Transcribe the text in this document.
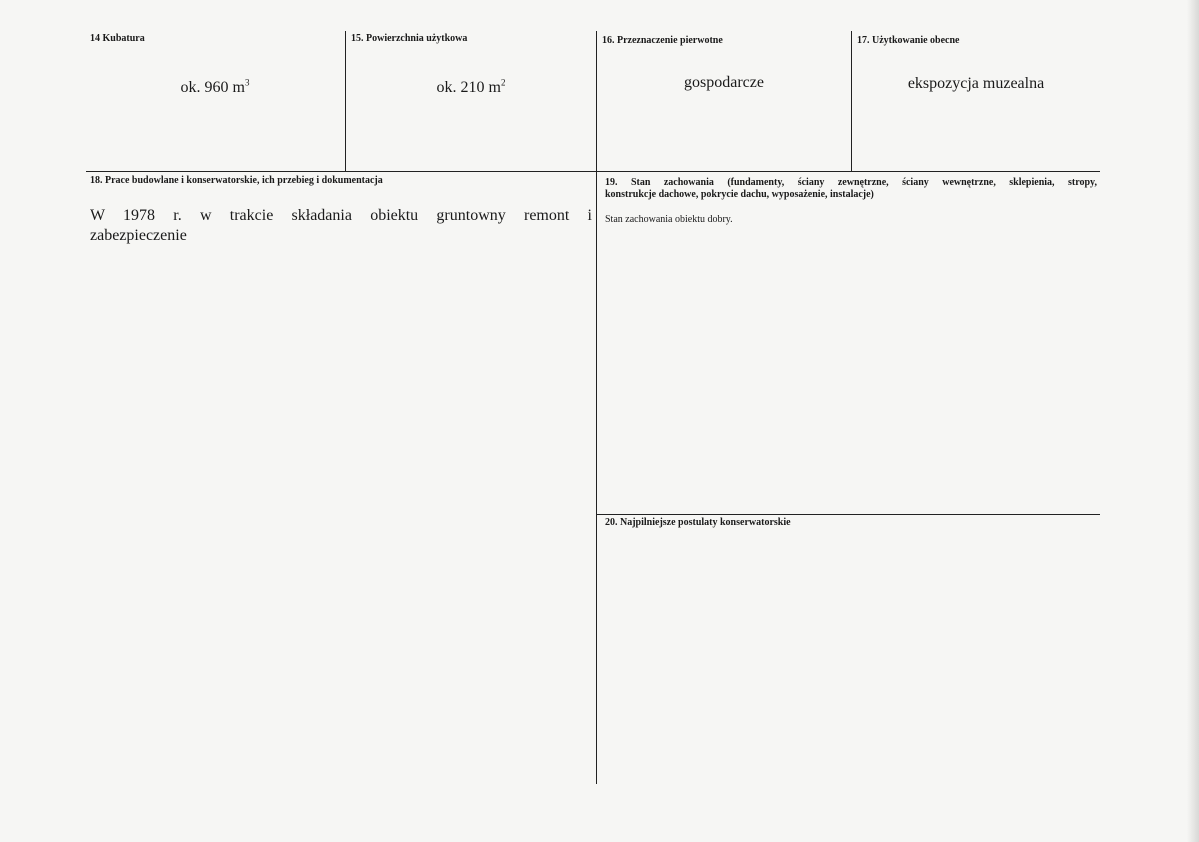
14 Kubatura
ok. 960 $m^3$
15. Powierzchnia użytkowa
ok. 210 $m^2$
16. Przeznaczenie pierwotne
gospodarcze
17. Użytkowanie obecne
ekspozycja muzealna
18. Prace budowlane i konserwatorskie, ich przebieg i dokumentacja
W 1978 r. w trakcie składania obiektu gruntowny remont i
zabezpieczenie
19. Stan zachowania (fundamenty, ściany zewnętrzne, ściany wewnętrzne, sklepienia, stropy,
konstrukcje dachowe, pokrycie dachu, wyposażenie, instalacje)
Stan zachowania obiektu dobry.
20. Najpilniejsze postulaty konserwatorskie
